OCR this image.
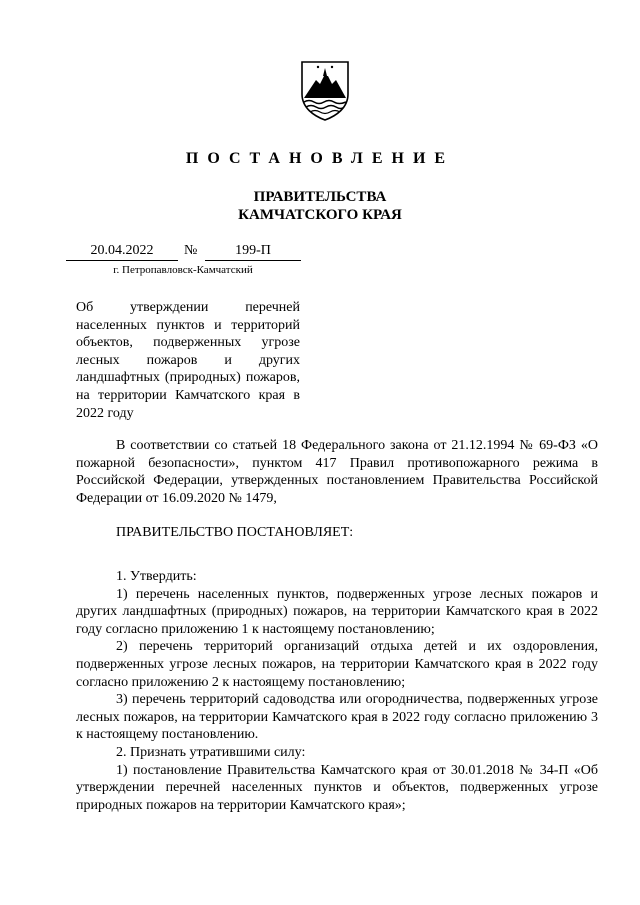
ПОСТАНОВЛЕНИЕ
ПРАВИТЕЛЬСТВА
КАМЧАТСКОГО КРАЯ
20.04.2022	№	199-П
г. Петропавловск-Камчатский
Об утверждении перечней населенных пунктов и территорий объектов, подверженных угрозе лесных пожаров и других ландшафтных (природных) пожаров, на территории Камчатского края в 2022 году

В соответствии со статьей 18 Федерального закона от 21.12.1994 № 69-ФЗ «О пожарной безопасности», пунктом 417 Правил противопожарного режима в Российской Федерации, утвержденных постановлением Правительства Российской Федерации от 16.09.2020 № 1479,

ПРАВИТЕЛЬСТВО ПОСТАНОВЛЯЕТ:

1. Утвердить:

1) перечень населенных пунктов, подверженных угрозе лесных пожаров и других ландшафтных (природных) пожаров, на территории Камчатского края в 2022 году согласно приложению 1 к настоящему постановлению;

2) перечень территорий организаций отдыха детей и их оздоровления, подверженных угрозе лесных пожаров, на территории Камчатского края в 2022 году согласно приложению 2 к настоящему постановлению;

3) перечень территорий садоводства или огородничества, подверженных угрозе лесных пожаров, на территории Камчатского края в 2022 году согласно приложению 3 к настоящему постановлению.

2. Признать утратившими силу:

1) постановление Правительства Камчатского края от 30.01.2018 № 34-П «Об утверждении перечней населенных пунктов и объектов, подверженных угрозе природных пожаров на территории Камчатского края»;
